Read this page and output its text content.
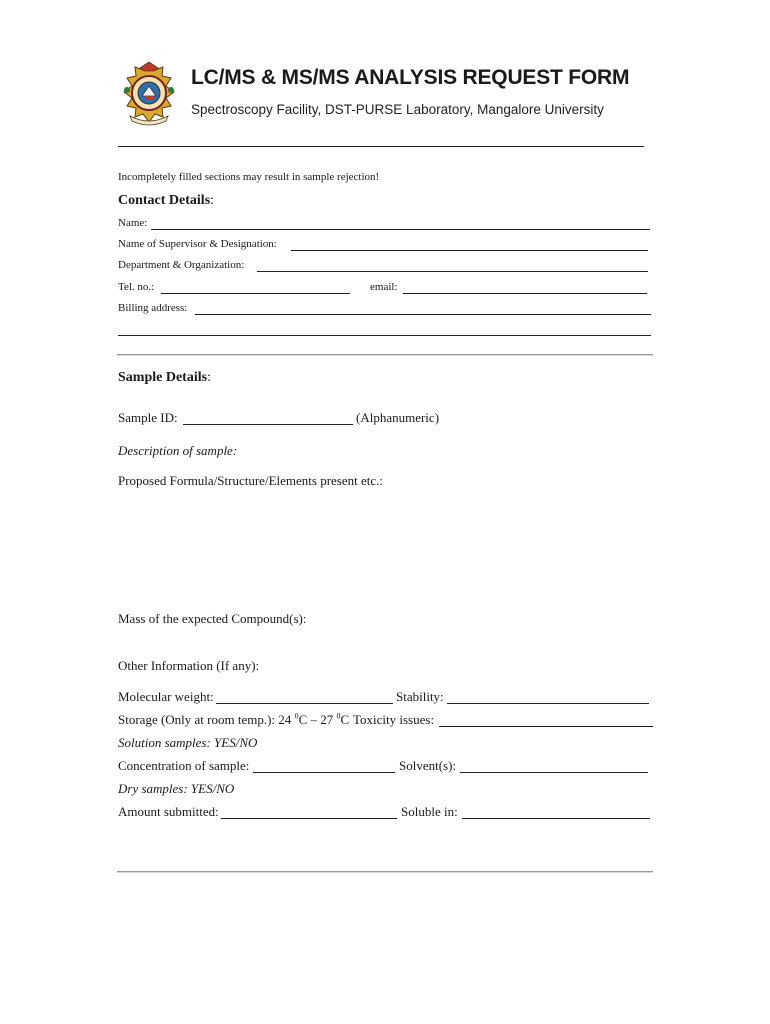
LC/MS & MS/MS ANALYSIS REQUEST FORM
Spectroscopy Facility, DST-PURSE Laboratory, Mangalore University
Incompletely filled sections may result in sample rejection!
Contact Details:
Name:
Name of Supervisor & Designation:
Department & Organization:
Tel. no.:	email:
Billing address:
Sample Details:
Sample ID:	(Alphanumeric)
Description of sample:
Proposed Formula/Structure/Elements present etc.:
Mass of the expected Compound(s):
Other Information (If any):
Molecular weight:	Stability:
Storage (Only at room temp.): 24 $^0$C – 27 $^0$C Toxicity issues:
Solution samples: YES/NO
Concentration of sample:	Solvent(s):
Dry samples: YES/NO
Amount submitted:	Soluble in:
